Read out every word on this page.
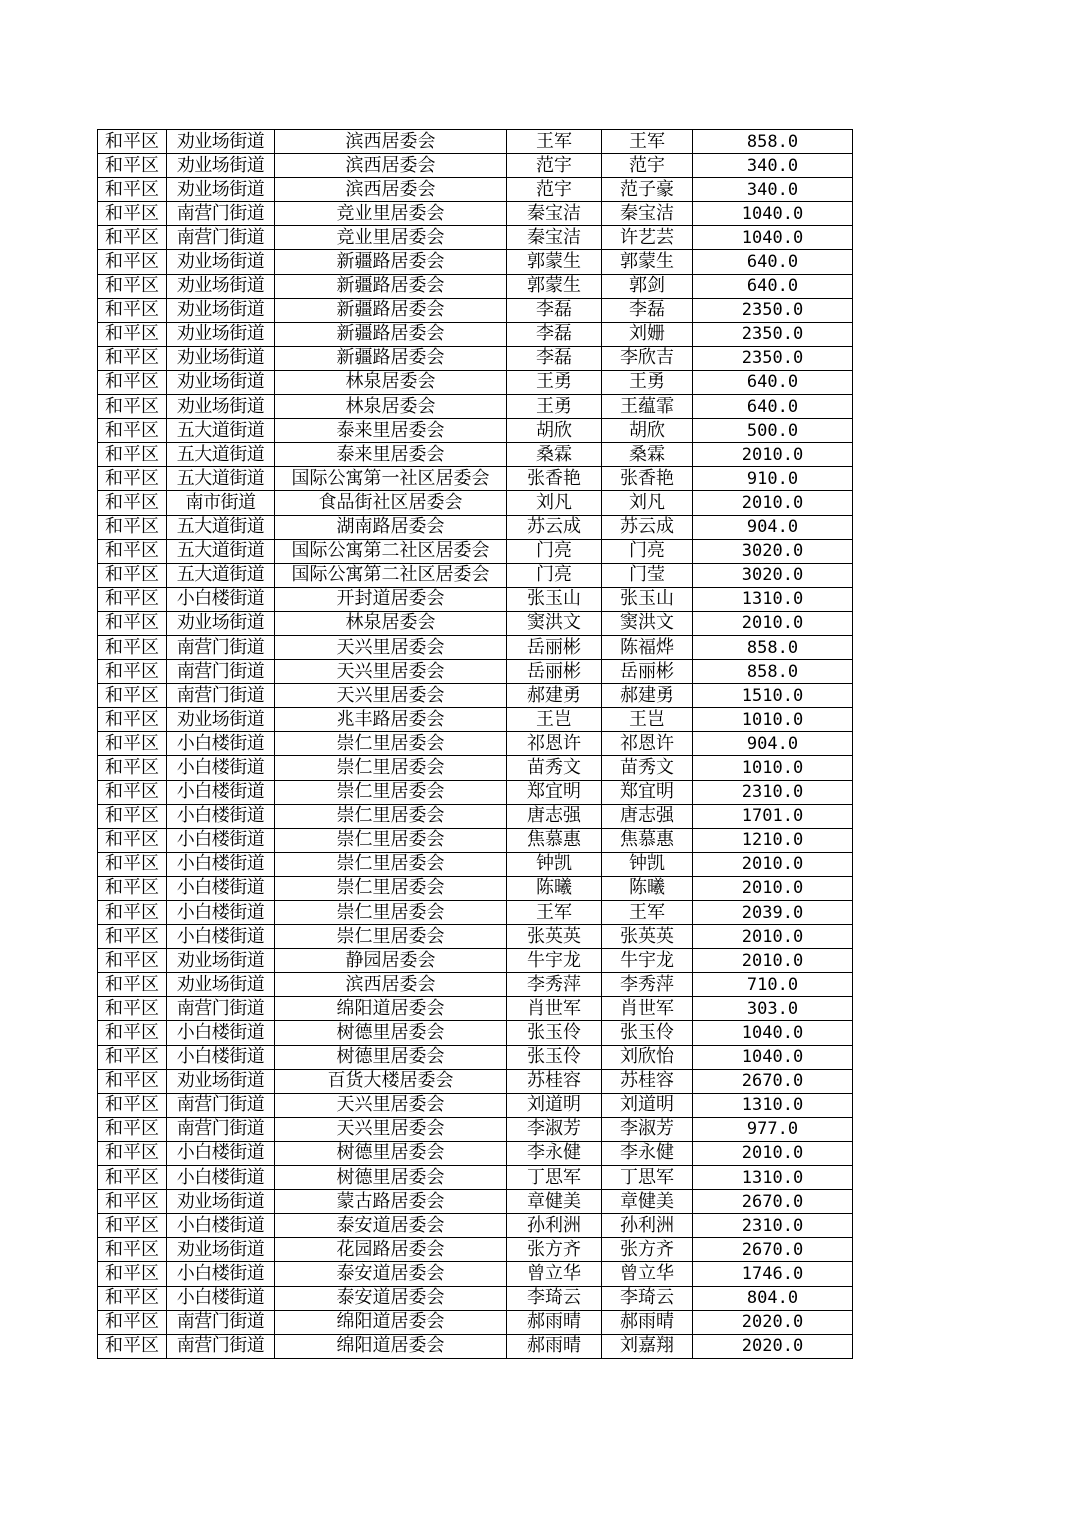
和平区	劝业场街道	滨西居委会	王军	王军	858.0
和平区	劝业场街道	滨西居委会	范宇	范宇	340.0
和平区	劝业场街道	滨西居委会	范宇	范子豪	340.0
和平区	南营门街道	竞业里居委会	秦宝洁	秦宝洁	1040.0
和平区	南营门街道	竞业里居委会	秦宝洁	许艺芸	1040.0
和平区	劝业场街道	新疆路居委会	郭蒙生	郭蒙生	640.0
和平区	劝业场街道	新疆路居委会	郭蒙生	郭剑	640.0
和平区	劝业场街道	新疆路居委会	李磊	李磊	2350.0
和平区	劝业场街道	新疆路居委会	李磊	刘姗	2350.0
和平区	劝业场街道	新疆路居委会	李磊	李欣吉	2350.0
和平区	劝业场街道	林泉居委会	王勇	王勇	640.0
和平区	劝业场街道	林泉居委会	王勇	王蕴霏	640.0
和平区	五大道街道	泰来里居委会	胡欣	胡欣	500.0
和平区	五大道街道	泰来里居委会	桑霖	桑霖	2010.0
和平区	五大道街道	国际公寓第一社区居委会	张香艳	张香艳	910.0
和平区	南市街道	食品街社区居委会	刘凡	刘凡	2010.0
和平区	五大道街道	湖南路居委会	苏云成	苏云成	904.0
和平区	五大道街道	国际公寓第二社区居委会	门亮	门亮	3020.0
和平区	五大道街道	国际公寓第二社区居委会	门亮	门莹	3020.0
和平区	小白楼街道	开封道居委会	张玉山	张玉山	1310.0
和平区	劝业场街道	林泉居委会	窦洪文	窦洪文	2010.0
和平区	南营门街道	天兴里居委会	岳丽彬	陈福烨	858.0
和平区	南营门街道	天兴里居委会	岳丽彬	岳丽彬	858.0
和平区	南营门街道	天兴里居委会	郝建勇	郝建勇	1510.0
和平区	劝业场街道	兆丰路居委会	王岂	王岂	1010.0
和平区	小白楼街道	崇仁里居委会	祁恩许	祁恩许	904.0
和平区	小白楼街道	崇仁里居委会	苗秀文	苗秀文	1010.0
和平区	小白楼街道	崇仁里居委会	郑宜明	郑宜明	2310.0
和平区	小白楼街道	崇仁里居委会	唐志强	唐志强	1701.0
和平区	小白楼街道	崇仁里居委会	焦慕惠	焦慕惠	1210.0
和平区	小白楼街道	崇仁里居委会	钟凯	钟凯	2010.0
和平区	小白楼街道	崇仁里居委会	陈曦	陈曦	2010.0
和平区	小白楼街道	崇仁里居委会	王军	王军	2039.0
和平区	小白楼街道	崇仁里居委会	张英英	张英英	2010.0
和平区	劝业场街道	静园居委会	牛宇龙	牛宇龙	2010.0
和平区	劝业场街道	滨西居委会	李秀萍	李秀萍	710.0
和平区	南营门街道	绵阳道居委会	肖世军	肖世军	303.0
和平区	小白楼街道	树德里居委会	张玉伶	张玉伶	1040.0
和平区	小白楼街道	树德里居委会	张玉伶	刘欣怡	1040.0
和平区	劝业场街道	百货大楼居委会	苏桂容	苏桂容	2670.0
和平区	南营门街道	天兴里居委会	刘道明	刘道明	1310.0
和平区	南营门街道	天兴里居委会	李淑芳	李淑芳	977.0
和平区	小白楼街道	树德里居委会	李永健	李永健	2010.0
和平区	小白楼街道	树德里居委会	丁思军	丁思军	1310.0
和平区	劝业场街道	蒙古路居委会	章健美	章健美	2670.0
和平区	小白楼街道	泰安道居委会	孙利洲	孙利洲	2310.0
和平区	劝业场街道	花园路居委会	张方齐	张方齐	2670.0
和平区	小白楼街道	泰安道居委会	曾立华	曾立华	1746.0
和平区	小白楼街道	泰安道居委会	李琦云	李琦云	804.0
和平区	南营门街道	绵阳道居委会	郝雨晴	郝雨晴	2020.0
和平区	南营门街道	绵阳道居委会	郝雨晴	刘嘉翔	2020.0
